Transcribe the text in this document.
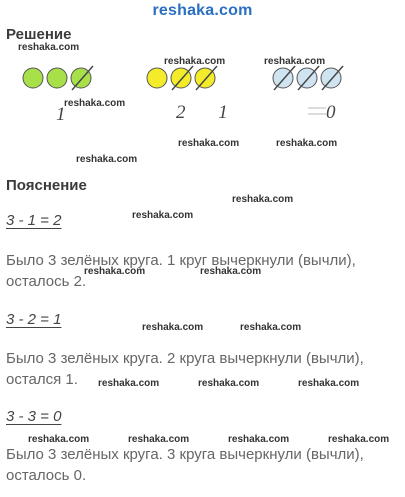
reshaka.com
Решение
1	2 1	0
Пояснение
3 - 1 = 2
Было 3 зелёных круга. 1 круг вычеркнули (вычли), осталось 2.
3 - 2 = 1
Было 3 зелёных круга. 2 круга вычеркнули (вычли), остался 1.
3 - 3 = 0
Было 3 зелёных круга. 3 круга вычеркнули (вычли), осталось 0.
reshaka.com
reshaka.com	reshaka.com
reshaka.com
reshaka.com	reshaka.com
reshaka.com
reshaka.com
reshaka.com
reshaka.com	reshaka.com
reshaka.com	reshaka.com
reshaka.com	reshaka.com	reshaka.com
reshaka.com	reshaka.com	reshaka.com	reshaka.com
